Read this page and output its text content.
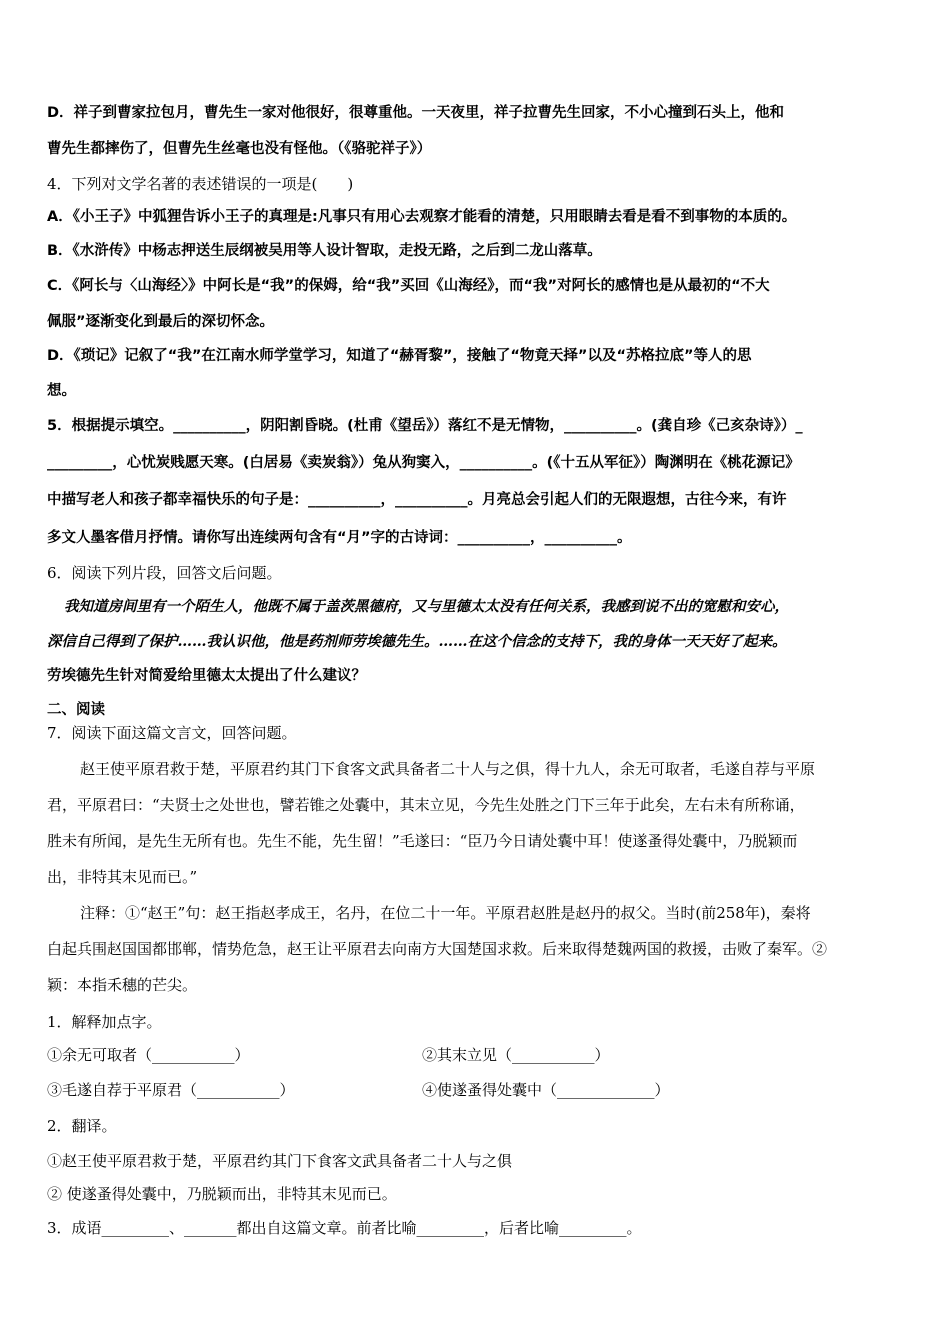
D．祥子到曹家拉包月，曹先生一家对他很好，很尊重他。一天夜里，祥子拉曹先生回家，不小心撞到石头上，他和
曹先生都摔伤了，但曹先生丝毫也没有怪他。（《骆驼祥子》）
4．下列对文学名著的表述错误的一项是(　　)
A．《小王子》中狐狸告诉小王子的真理是:凡事只有用心去观察才能看的清楚，只用眼睛去看是看不到事物的本质的。
B．《水浒传》中杨志押送生辰纲被吴用等人设计智取，走投无路，之后到二龙山落草。
C．《阿长与〈山海经〉》中阿长是“我”的保姆，给“我”买回《山海经》，而“我”对阿长的感情也是从最初的“不大
佩服”逐渐变化到最后的深切怀念。
D．《琐记》记叙了“我”在江南水师学堂学习，知道了“赫胥黎”，接触了“物竟天择”以及“苏格拉底”等人的思
想。
5．根据提示填空。__________，阴阳割昏晓。(杜甫《望岳》）落红不是无情物，__________。(龚自珍《己亥杂诗》）_
_________，心忧炭贱愿天寒。(白居易《卖炭翁》）兔从狗窦入，__________。(《十五从军征》）陶渊明在《桃花源记》
中描写老人和孩子都幸福快乐的句子是：__________，__________。月亮总会引起人们的无限遐想，古往今来，有许
多文人墨客借月抒情。请你写出连续两句含有“月”字的古诗词：__________，__________。
6．阅读下列片段，回答文后问题。
我知道房间里有一个陌生人，他既不属于盖茨黑德府，又与里德太太没有任何关系，我感到说不出的宽慰和安心，
深信自己得到了保护……我认识他，他是药剂师劳埃德先生。……在这个信念的支持下，我的身体一天天好了起来。
劳埃德先生针对简爱给里德太太提出了什么建议？
二、阅读
7．阅读下面这篇文言文，回答问题。
赵王使平原君救于楚，平原君约其门下食客文武具备者二十人与之俱，得十九人，余无可取者，毛遂自荐与平原
君，平原君曰：“夫贤士之处世也，譬若锥之处囊中，其末立见，今先生处胜之门下三年于此矣，左右未有所称诵，
胜未有所闻，是先生无所有也。先生不能，先生留！”毛遂曰：“臣乃今日请处囊中耳！使遂蚤得处囊中，乃脱颖而
出，非特其末见而已。”
注释：①“赵王”句：赵王指赵孝成王，名丹，在位二十一年。平原君赵胜是赵丹的叔父。当时(前258年)，秦将
白起兵围赵国国都邯郸，情势危急，赵王让平原君去向南方大国楚国求救。后来取得楚魏两国的救援，击败了秦军。②
颖：本指禾穗的芒尖。
1．解释加点字。
①余无可取者（___________）	②其末立见（___________）
③毛遂自荐于平原君（___________）	④使遂蚤得处囊中（_____________）
2．翻译。
①赵王使平原君救于楚，平原君约其门下食客文武具备者二十人与之俱
② 使遂蚤得处囊中，乃脱颖而出，非特其末见而已。
3．成语_________、_______都出自这篇文章。前者比喻_________，后者比喻_________。
